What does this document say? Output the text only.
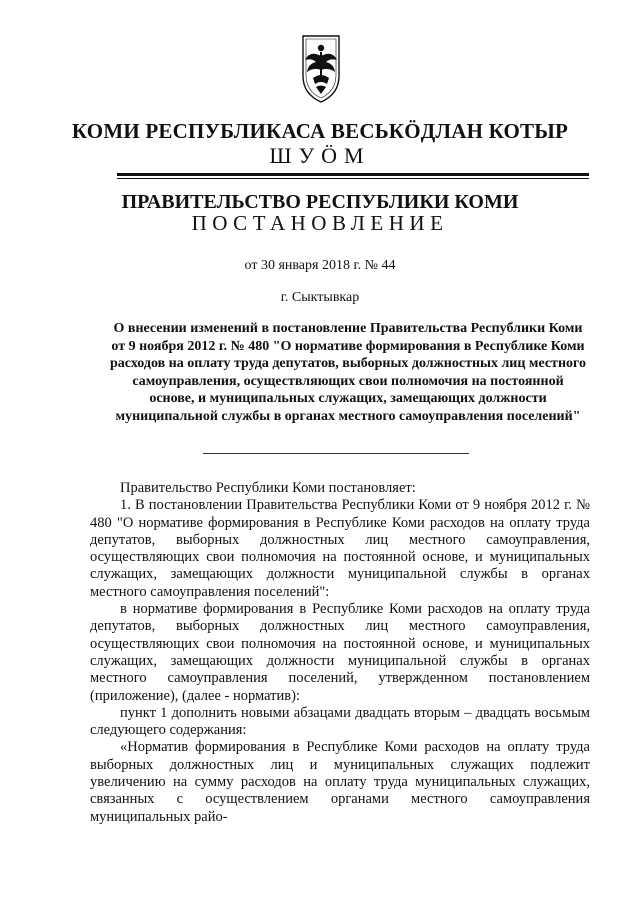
КОМИ РЕСПУБЛИКАСА ВЕСЬКӦДЛАН КОТЫР
ШУӦМ
ПРАВИТЕЛЬСТВО РЕСПУБЛИКИ КОМИ
ПОСТАНОВЛЕНИЕ
от 30 января 2018 г. № 44
г. Сыктывкар
О внесении изменений в постановление Правительства Республики Коми от 9 ноября 2012 г. № 480 "О нормативе формирования в Республике Коми расходов на оплату труда депутатов, выборных должностных лиц местного самоуправления, осуществляющих свои полномочия на постоянной основе, и муниципальных служащих, замещающих должности муниципальной службы в органах местного самоуправления поселений"

Правительство Республики Коми постановляет:

1. В постановлении Правительства Республики Коми от 9 ноября 2012 г. № 480 "О нормативе формирования в Республике Коми расходов на оплату труда депутатов, выборных должностных лиц местного самоуправления, осуществляющих свои полномочия на постоянной основе, и муниципальных служащих, замещающих должности муниципальной службы в органах местного самоуправления поселений":

в нормативе формирования в Республике Коми расходов на оплату труда депутатов, выборных должностных лиц местного самоуправления, осуществляющих свои полномочия на постоянной основе, и муниципальных служащих, замещающих должности муниципальной службы в органах местного самоуправления поселений, утвержденном постановлением (приложение), (далее - норматив):

пункт 1 дополнить новыми абзацами двадцать вторым – двадцать восьмым следующего содержания:

«Норматив формирования в Республике Коми расходов на оплату труда выборных должностных лиц и муниципальных служащих подлежит увеличению на сумму расходов на оплату труда муниципальных служащих, связанных с осуществлением органами местного самоуправления муниципальных райо-
